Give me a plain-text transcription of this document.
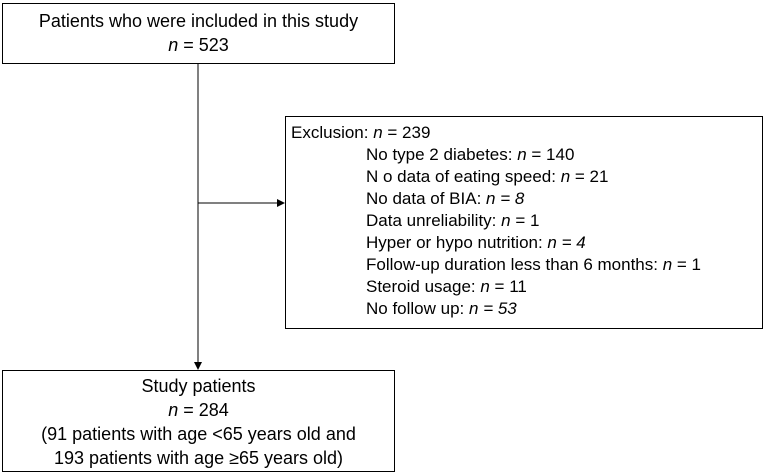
Patients who were included in this study
n = 523
Exclusion: n = 239
No type 2 diabetes: n = 140
N o data of eating speed: n = 21
No data of BIA: n = 8
Data unreliability: n = 1
Hyper or hypo nutrition: n = 4
Follow-up duration less than 6 months: n = 1
Steroid usage: n = 11
No follow up: n = 53
Study patients
n = 284
(91 patients with age <65 years old and
193 patients with age ≥65 years old)
